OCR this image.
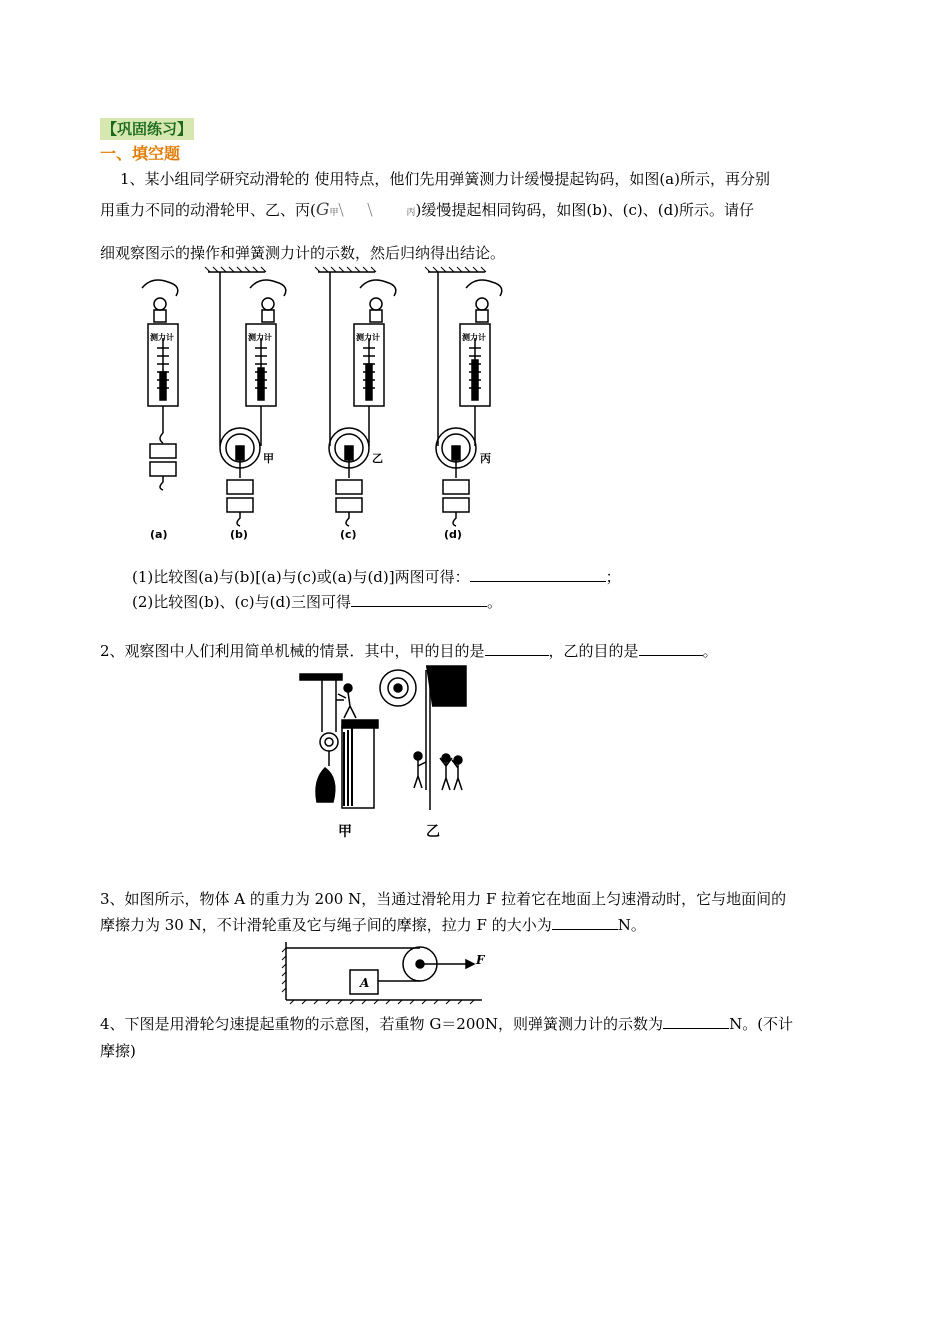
【巩固练习】
一、填空题
1、某小组同学研究动滑轮的 使用特点，他们先用弹簧测力计缓慢提起钩码，如图(a)所示，再分别
用重力不同的动滑轮甲、乙、丙(G甲⧹     ⧹	丙)缓慢提起相同钩码，如图(b)、(c)、(d)所示。请仔
细观察图示的操作和弹簧测力计的示数，然后归纳得出结论。
测力计	测力计
甲
测力计
乙
测力计
丙
(a)	(b)	(c)	(d)
(1)比较图(a)与(b)[(a)与(c)或(a)与(d)]两图可得：	；
(2)比较图(b)、(c)与(d)三图可得	。
2、观察图中人们利用简单机械的情景．其中，甲的目的是	，乙的目的是	。
甲	乙
3、如图所示，物体 A 的重力为 200 N，当通过滑轮用力 F 拉着它在地面上匀速滑动时，它与地面间的
摩擦力为 30 N，不计滑轮重及它与绳子间的摩擦，拉力 F 的大小为	N。
A
F
4、下图是用滑轮匀速提起重物的示意图，若重物 G＝200N，则弹簧测力计的示数为	N。(不计
摩擦)
